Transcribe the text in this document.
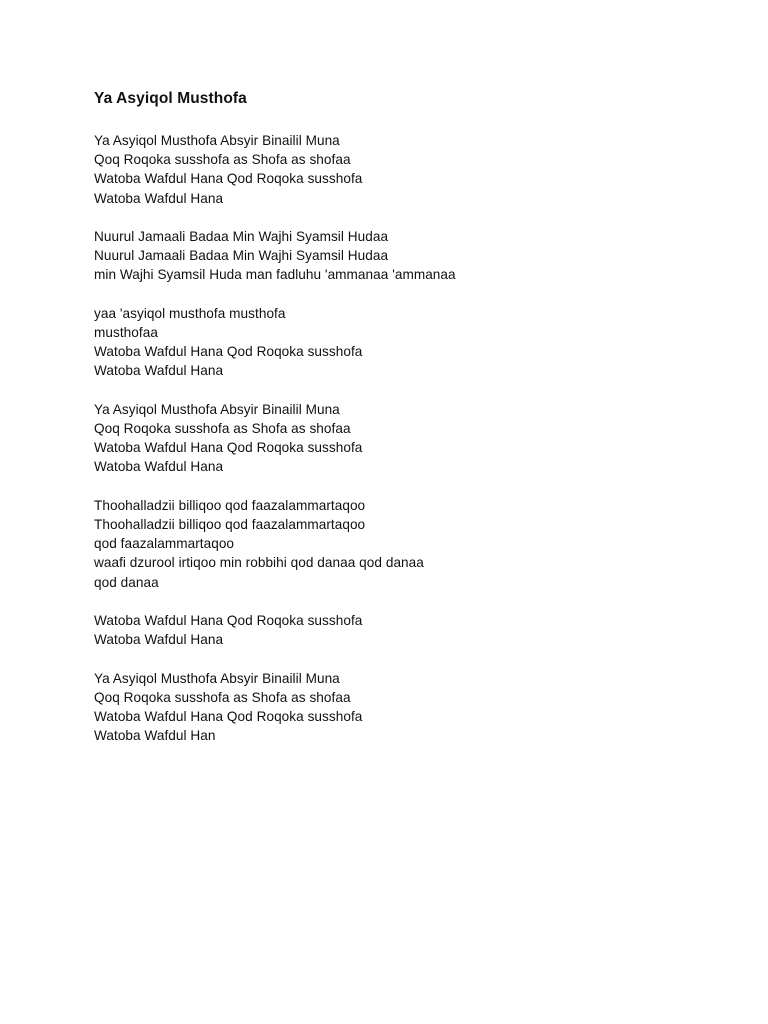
Ya Asyiqol Musthofa
Ya Asyiqol Musthofa Absyir Binailil Muna
Qoq Roqoka susshofa as Shofa as shofaa
Watoba Wafdul Hana Qod Roqoka susshofa
Watoba Wafdul Hana
Nuurul Jamaali Badaa Min Wajhi Syamsil Hudaa
Nuurul Jamaali Badaa Min Wajhi Syamsil Hudaa
min Wajhi Syamsil Huda man fadluhu 'ammanaa 'ammanaa
yaa 'asyiqol musthofa musthofa
musthofaa
Watoba Wafdul Hana Qod Roqoka susshofa
Watoba Wafdul Hana
Ya Asyiqol Musthofa Absyir Binailil Muna
Qoq Roqoka susshofa as Shofa as shofaa
Watoba Wafdul Hana Qod Roqoka susshofa
Watoba Wafdul Hana
Thoohalladzii billiqoo qod faazalammartaqoo
Thoohalladzii billiqoo qod faazalammartaqoo
qod faazalammartaqoo
waafi dzurool irtiqoo min robbihi qod danaa qod danaa
qod danaa
Watoba Wafdul Hana Qod Roqoka susshofa
Watoba Wafdul Hana
Ya Asyiqol Musthofa Absyir Binailil Muna
Qoq Roqoka susshofa as Shofa as shofaa
Watoba Wafdul Hana Qod Roqoka susshofa
Watoba Wafdul Han
